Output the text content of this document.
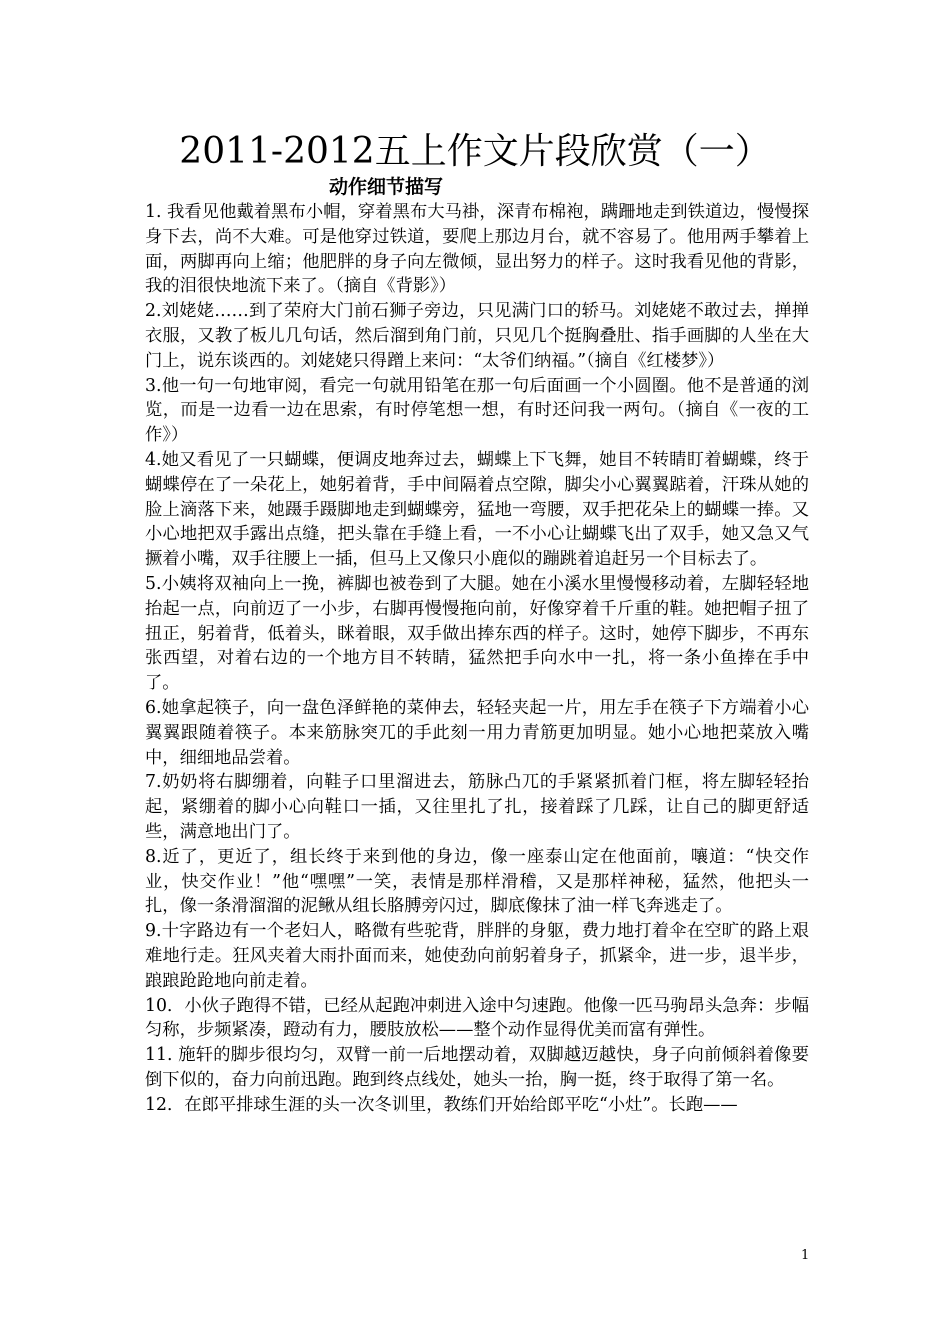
2011-2012五上作文片段欣赏（一）
动作细节描写

1. 我看见他戴着黑布小帽，穿着黑布大马褂，深青布棉袍，蹒跚地走到铁道边，慢慢探身下去，尚不大难。可是他穿过铁道，要爬上那边月台，就不容易了。他用两手攀着上面，两脚再向上缩；他肥胖的身子向左微倾，显出努力的样子。这时我看见他的背影，我的泪很快地流下来了。（摘自《背影》）

2.刘姥姥……到了荣府大门前石狮子旁边，只见满门口的轿马。刘姥姥不敢过去，掸掸衣服，又教了板儿几句话，然后溜到角门前，只见几个挺胸叠肚、指手画脚的人坐在大门上，说东谈西的。刘姥姥只得蹭上来问：“太爷们纳福。”（摘自《红楼梦》）

3.他一句一句地审阅，看完一句就用铅笔在那一句后面画一个小圆圈。他不是普通的浏览，而是一边看一边在思索，有时停笔想一想，有时还问我一两句。（摘自《一夜的工作》）

4.她又看见了一只蝴蝶，便调皮地奔过去，蝴蝶上下飞舞，她目不转睛盯着蝴蝶，终于蝴蝶停在了一朵花上，她躬着背，手中间隔着点空隙，脚尖小心翼翼踮着，汗珠从她的脸上滴落下来，她蹑手蹑脚地走到蝴蝶旁，猛地一弯腰，双手把花朵上的蝴蝶一捧。又小心地把双手露出点缝，把头靠在手缝上看，一不小心让蝴蝶飞出了双手，她又急又气撅着小嘴，双手往腰上一插，但马上又像只小鹿似的蹦跳着追赶另一个目标去了。

5.小姨将双袖向上一挽，裤脚也被卷到了大腿。她在小溪水里慢慢移动着，左脚轻轻地抬起一点，向前迈了一小步，右脚再慢慢拖向前，好像穿着千斤重的鞋。她把帽子扭了扭正，躬着背，低着头，眯着眼，双手做出捧东西的样子。这时，她停下脚步，不再东张西望，对着右边的一个地方目不转睛，猛然把手向水中一扎，将一条小鱼捧在手中了。

6.她拿起筷子，向一盘色泽鲜艳的菜伸去，轻轻夹起一片，用左手在筷子下方端着小心翼翼跟随着筷子。本来筋脉突兀的手此刻一用力青筋更加明显。她小心地把菜放入嘴中，细细地品尝着。

7.奶奶将右脚绷着，向鞋子口里溜进去，筋脉凸兀的手紧紧抓着门框，将左脚轻轻抬起，紧绷着的脚小心向鞋口一插，又往里扎了扎，接着踩了几踩，让自己的脚更舒适些，满意地出门了。

8.近了，更近了，组长终于来到他的身边，像一座泰山定在他面前，嚷道：“快交作业，快交作业！”他“嘿嘿”一笑，表情是那样滑稽，又是那样神秘，猛然，他把头一扎，像一条滑溜溜的泥鳅从组长胳膊旁闪过，脚底像抹了油一样飞奔逃走了。

9.十字路边有一个老妇人，略微有些驼背，胖胖的身躯，费力地打着伞在空旷的路上艰难地行走。狂风夹着大雨扑面而来，她使劲向前躬着身子，抓紧伞，进一步，退半步，踉踉跄跄地向前走着。

10．小伙子跑得不错，已经从起跑冲刺进入途中匀速跑。他像一匹马驹昂头急奔：步幅匀称，步频紧凑，蹬动有力，腰肢放松——整个动作显得优美而富有弹性。

11. 施轩的脚步很均匀，双臂一前一后地摆动着，双脚越迈越快，身子向前倾斜着像要倒下似的，奋力向前迅跑。跑到终点线处，她头一抬，胸一挺，终于取得了第一名。

12．在郎平排球生涯的头一次冬训里，教练们开始给郎平吃“小灶”。长跑——

1
